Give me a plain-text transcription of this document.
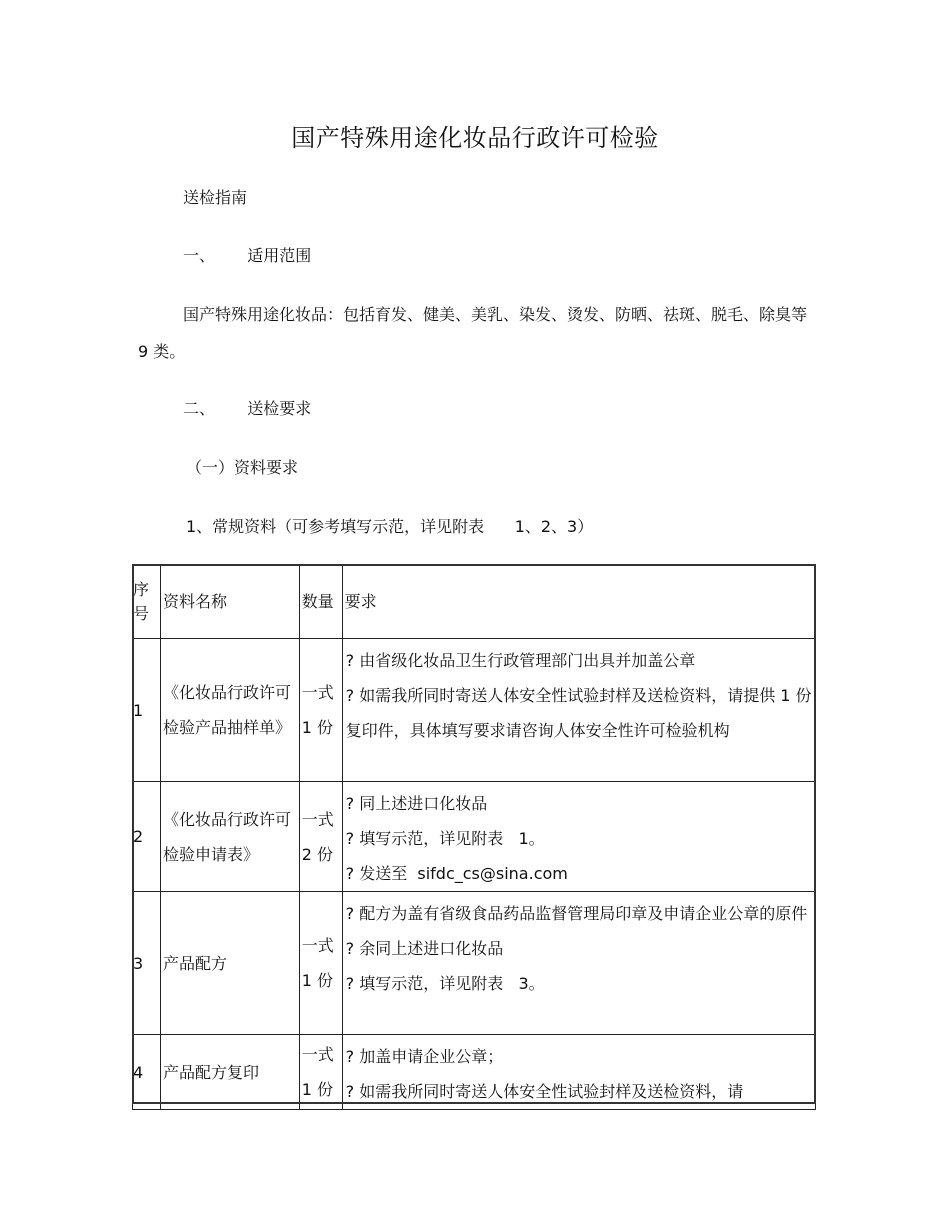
国产特殊用途化妆品行政许可检验
送检指南
一、 适用范围
国产特殊用途化妆品：包括育发、健美、美乳、染发、烫发、防晒、祛斑、脱毛、除臭等 9 类。
二、 送检要求
（一）资料要求
1、常规资料（可参考填写示范，详见附表      1、2、3）
序号	资料名称	数量	要求
1	《化妆品行政许可检验产品抽样单》	一式1 份	? 由省级化妆品卫生行政管理部门出具并加盖公章
? 如需我所同时寄送人体安全性试验封样及送检资料，请提供 1 份复印件，具体填写要求请咨询人体安全性许可检验机构

2	《化妆品行政许可检验申请表》	一式2 份	? 同上述进口化妆品
? 填写示范，详见附表   1。
? 发送至  sifdc_cs@sina.com

3	产品配方	一式1 份	? 配方为盖有省级食品药品监督管理局印章及申请企业公章的原件
? 余同上述进口化妆品
? 填写示范，详见附表   3。

4	产品配方复印	一式1 份	? 加盖申请企业公章；
? 如需我所同时寄送人体安全性试验封样及送检资料，请
